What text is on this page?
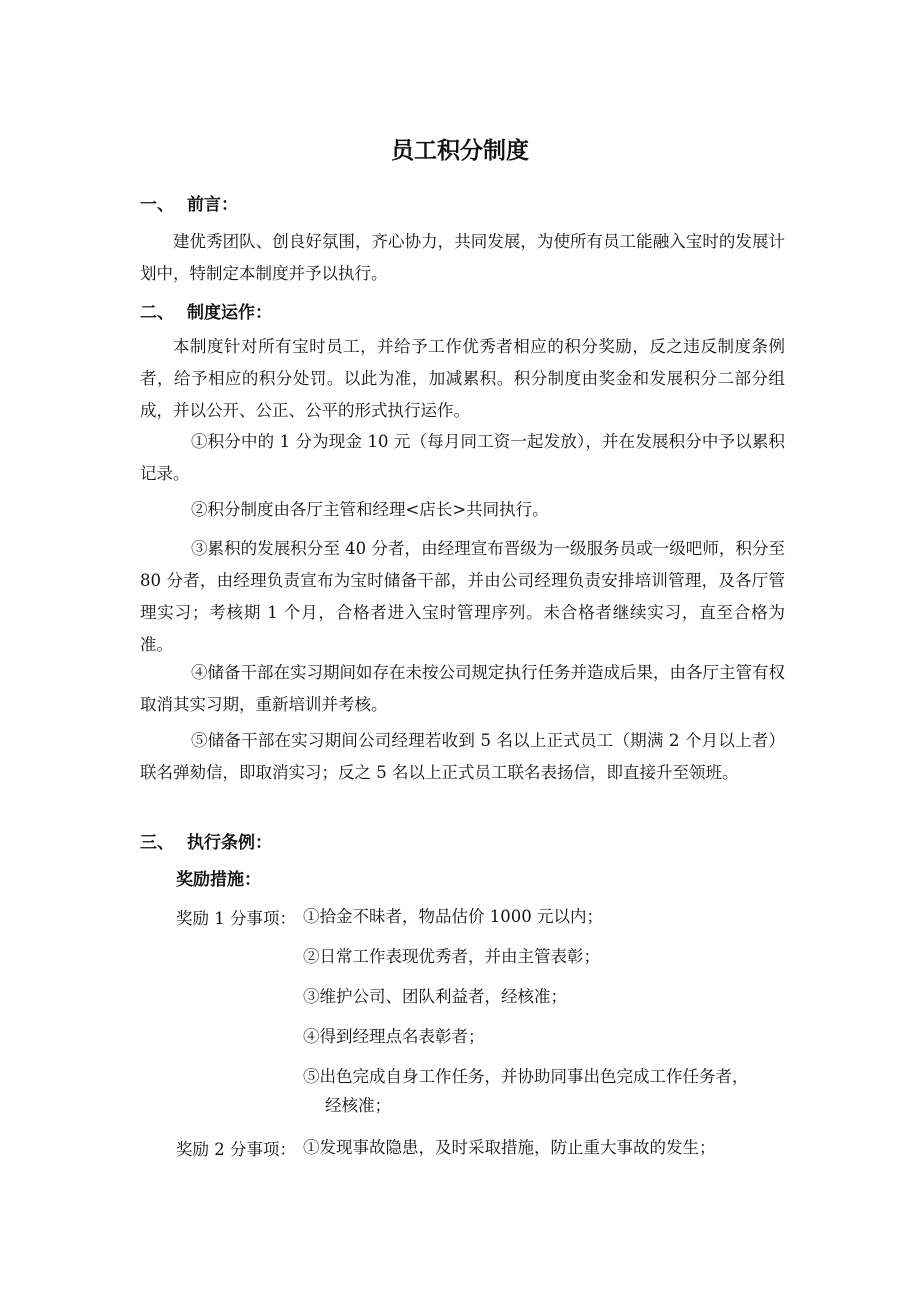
员工积分制度
一、 前言：
建优秀团队、创良好氛围，齐心协力，共同发展，为使所有员工能融入宝时的发展计划中，特制定本制度并予以执行。
二、 制度运作：
本制度针对所有宝时员工，并给予工作优秀者相应的积分奖励，反之违反制度条例者，给予相应的积分处罚。以此为准，加减累积。积分制度由奖金和发展积分二部分组成，并以公开、公正、公平的形式执行运作。
①积分中的 1 分为现金 10 元（每月同工资一起发放），并在发展积分中予以累积记录。
②积分制度由各厅主管和经理<店长>共同执行。
③累积的发展积分至 40 分者，由经理宣布晋级为一级服务员或一级吧师，积分至 80 分者，由经理负责宣布为宝时储备干部，并由公司经理负责安排培训管理，及各厅管理实习；考核期 1 个月，合格者进入宝时管理序列。未合格者继续实习，直至合格为准。
④储备干部在实习期间如存在未按公司规定执行任务并造成后果，由各厅主管有权取消其实习期，重新培训并考核。
⑤储备干部在实习期间公司经理若收到 5 名以上正式员工（期满 2 个月以上者）联名弹劾信，即取消实习；反之 5 名以上正式员工联名表扬信，即直接升至领班。
三、 执行条例：
奖励措施：
奖励 1 分事项： ①拾金不昧者，物品估价 1000 元以内；
②日常工作表现优秀者，并由主管表彰；
③维护公司、团队利益者，经核准；
④得到经理点名表彰者；
⑤出色完成自身工作任务，并协助同事出色完成工作任务者，
经核准；
奖励 2 分事项： ①发现事故隐患，及时采取措施，防止重大事故的发生；
